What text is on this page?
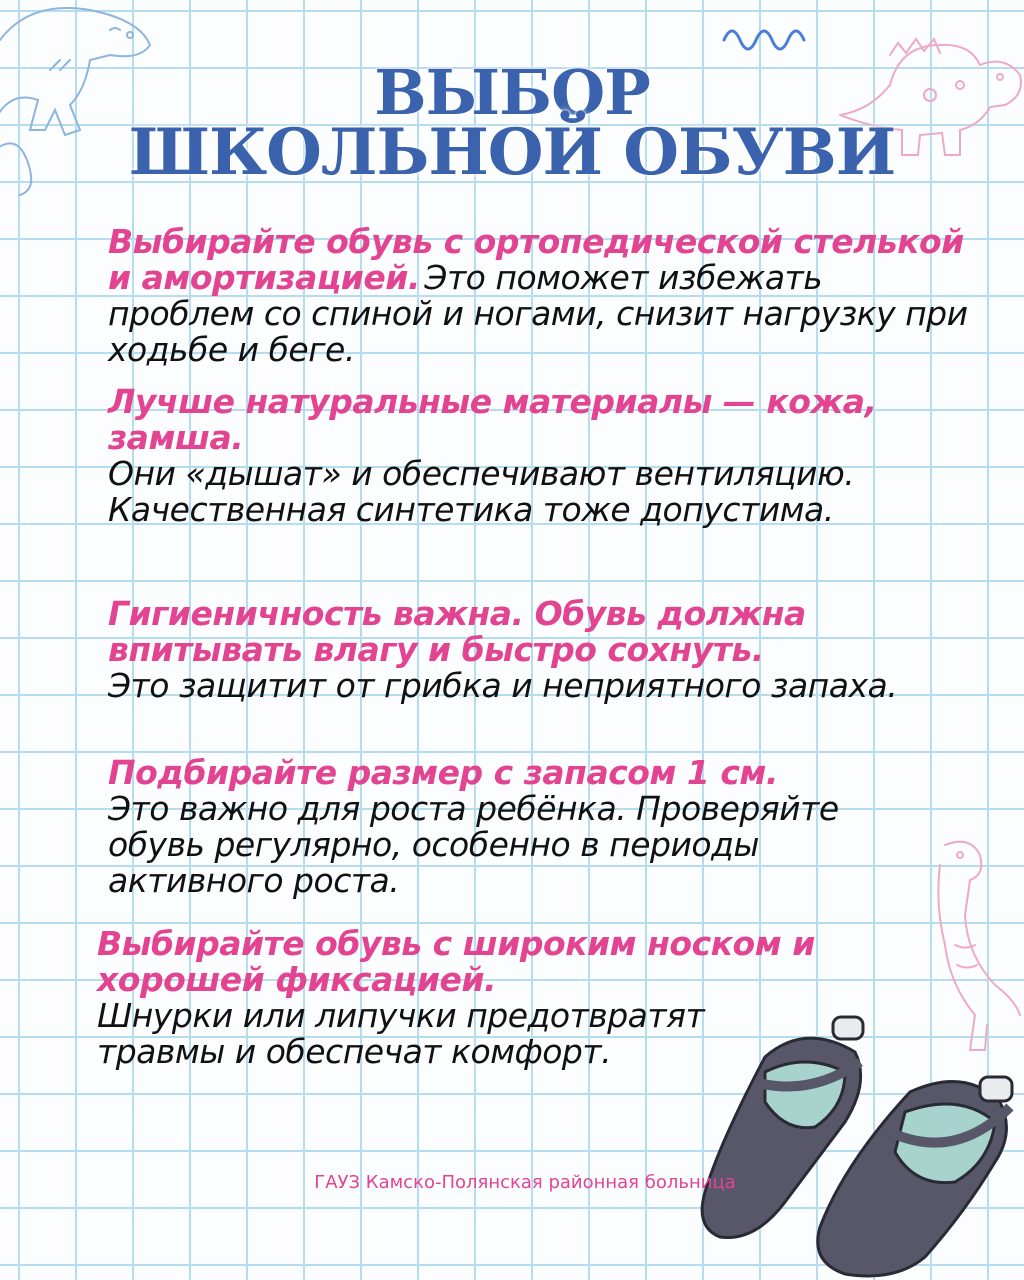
ВЫБОР
ШКОЛЬНОЙ ОБУВИ

Выбирайте обувь с ортопедической стелькой и амортизацией. Это поможет избежать проблем со спиной и ногами, снизит нагрузку при ходьбе и беге.

Лучше натуральные материалы — кожа, замша.
Они «дышат» и обеспечивают вентиляцию. Качественная синтетика тоже допустима.

Гигиеничность важна. Обувь должна впитывать влагу и быстро сохнуть.
Это защитит от грибка и неприятного запаха.

Подбирайте размер с запасом 1 см.
Это важно для роста ребёнка. Проверяйте обувь регулярно, особенно в периоды активного роста.

Выбирайте обувь с широким носком и хорошей фиксацией.
Шнурки или липучки предотвратят травмы и обеспечат комфорт.

ГАУЗ Камско-Полянская районная больница
